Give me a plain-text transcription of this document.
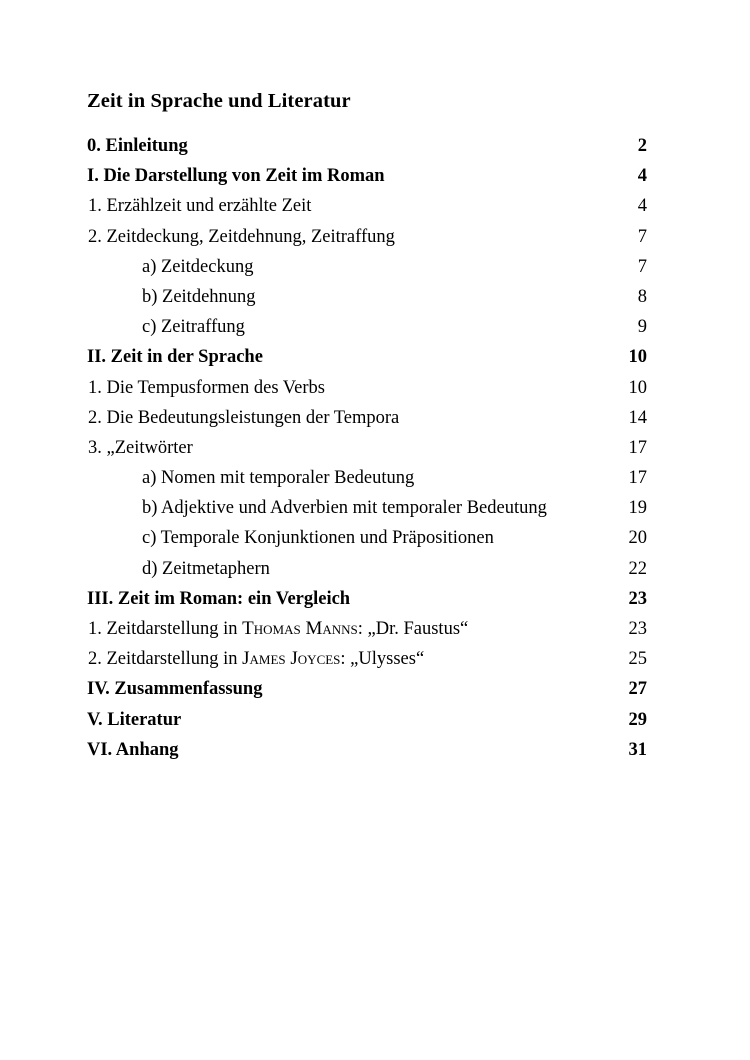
Zeit in Sprache und Literatur
0. Einleitung	2
I. Die Darstellung von Zeit im Roman	4
1. Erzählzeit und erzählte Zeit	4
2. Zeitdeckung, Zeitdehnung, Zeitraffung	7
a) Zeitdeckung	7
b) Zeitdehnung	8
c) Zeitraffung	9
II. Zeit in der Sprache	10
1. Die Tempusformen des Verbs	10
2. Die Bedeutungsleistungen der Tempora	14
3. „Zeitwörter	17
a) Nomen mit temporaler Bedeutung	17
b) Adjektive und Adverbien mit temporaler Bedeutung	19
c) Temporale Konjunktionen und Präpositionen	20
d) Zeitmetaphern	22
III. Zeit im Roman: ein Vergleich	23
1. Zeitdarstellung in Thomas Manns: „Dr. Faustus“	23
2. Zeitdarstellung in James Joyces: „Ulysses“	25
IV. Zusammenfassung	27
V. Literatur	29
VI. Anhang	31
